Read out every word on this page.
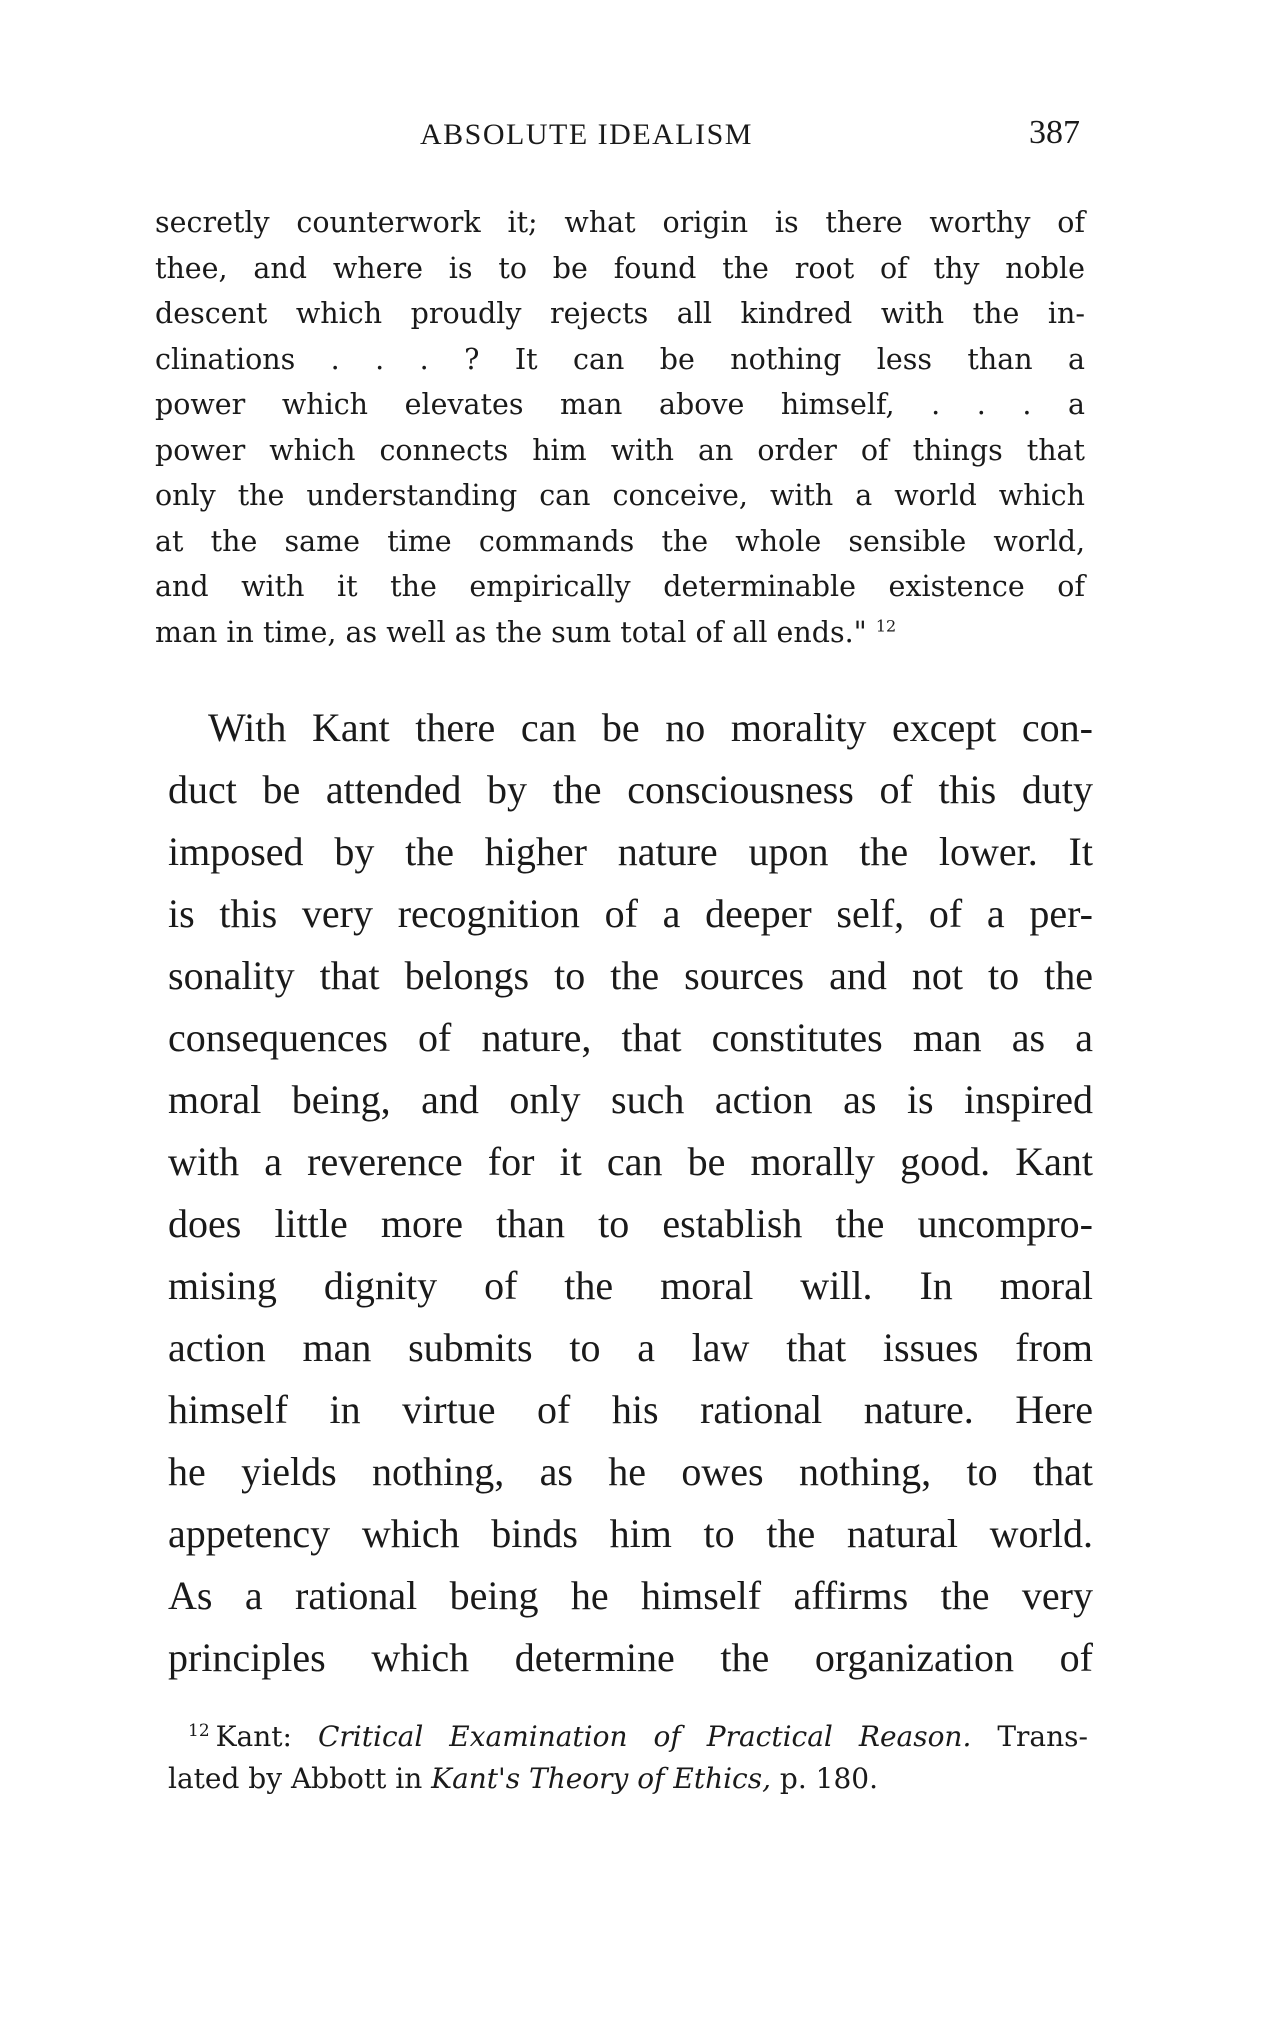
ABSOLUTE IDEALISM	387
secretly counterwork it; what origin is there worthy of
thee, and where is to be found the root of thy noble
descent which proudly rejects all kindred with the in-
clinations . . . ? It can be nothing less than a
power which elevates man above himself, . . . a
power which connects him with an order of things that
only the understanding can conceive, with a world which
at the same time commands the whole sensible world,
and with it the empirically determinable existence of
man in time, as well as the sum total of all ends." $^{12}$
With Kant there can be no morality except con-
duct be attended by the consciousness of this duty
imposed by the higher nature upon the lower. It
is this very recognition of a deeper self, of a per-
sonality that belongs to the sources and not to the
consequences of nature, that constitutes man as a
moral being, and only such action as is inspired
with a reverence for it can be morally good. Kant
does little more than to establish the uncompro-
mising dignity of the moral will. In moral
action man submits to a law that issues from
himself in virtue of his rational nature. Here
he yields nothing, as he owes nothing, to that
appetency which binds him to the natural world.
As a rational being he himself affirms the very
principles which determine the organization of
$^{12}$ Kant: Critical Examination of Practical Reason. Trans-
lated by Abbott in Kant's Theory of Ethics, p. 180.
